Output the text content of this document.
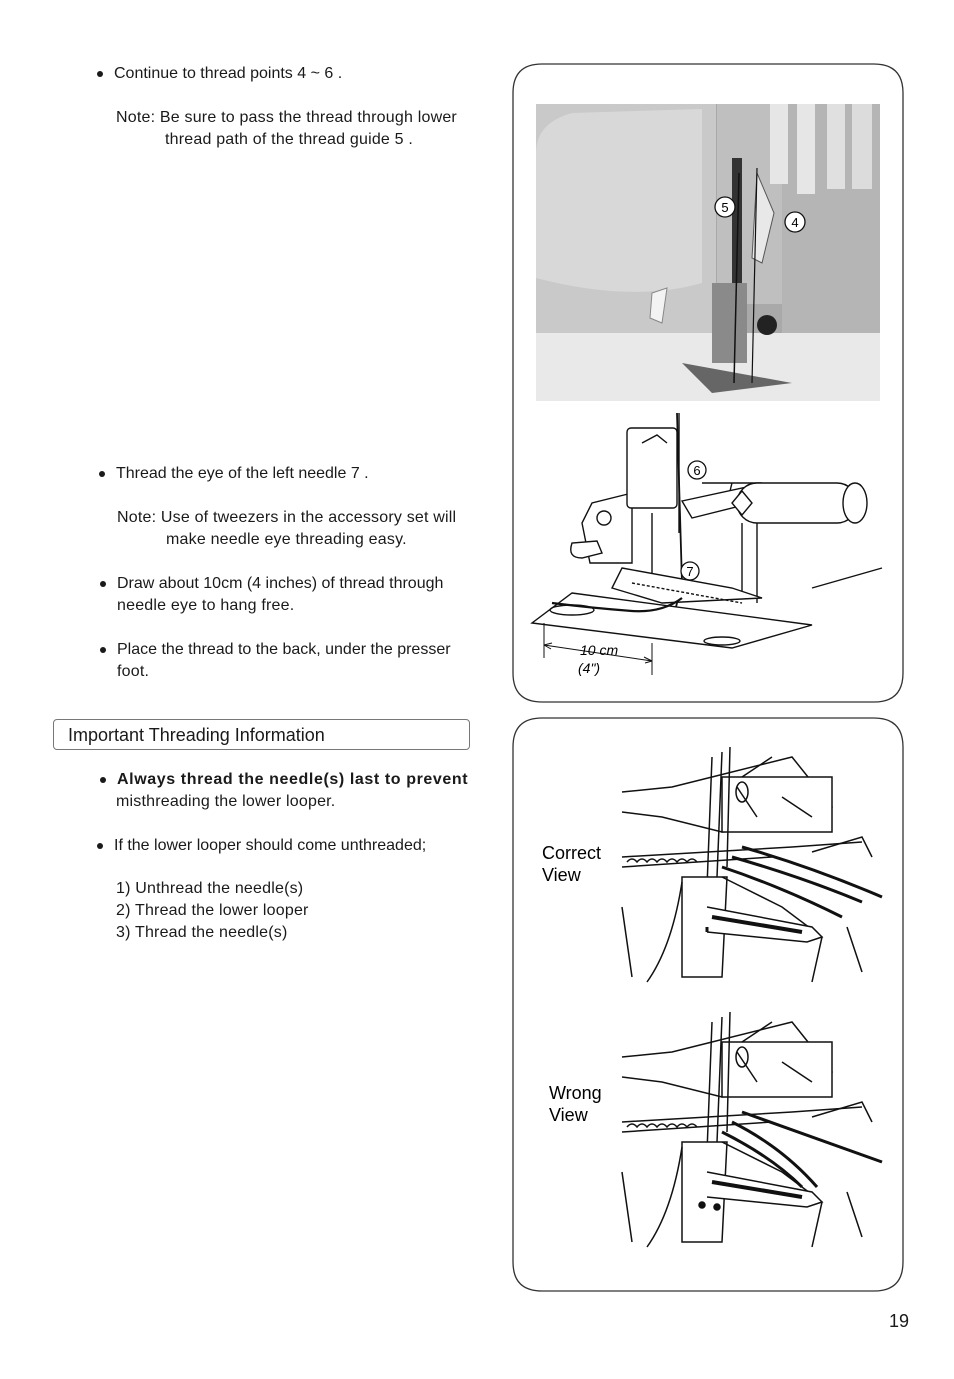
Continue to thread points 4 ~ 6 .
Note: Be sure to pass the thread through lower
thread path of the thread guide 5 .
Thread the eye of the left needle 7 .
Note: Use of tweezers in the accessory set will
make needle eye threading easy.
Draw about 10cm (4 inches) of thread through
needle eye to hang free.
Place the thread to the back, under the presser
foot.
Important Threading Information
Always thread the needle(s) last to prevent
misthreading the lower looper.
If the lower looper should come unthreaded;
1) Unthread the needle(s)
2) Thread the lower looper
3) Thread the needle(s)
5
4
6
7
10 cm
(4")
Correct
View
Wrong
View
19
